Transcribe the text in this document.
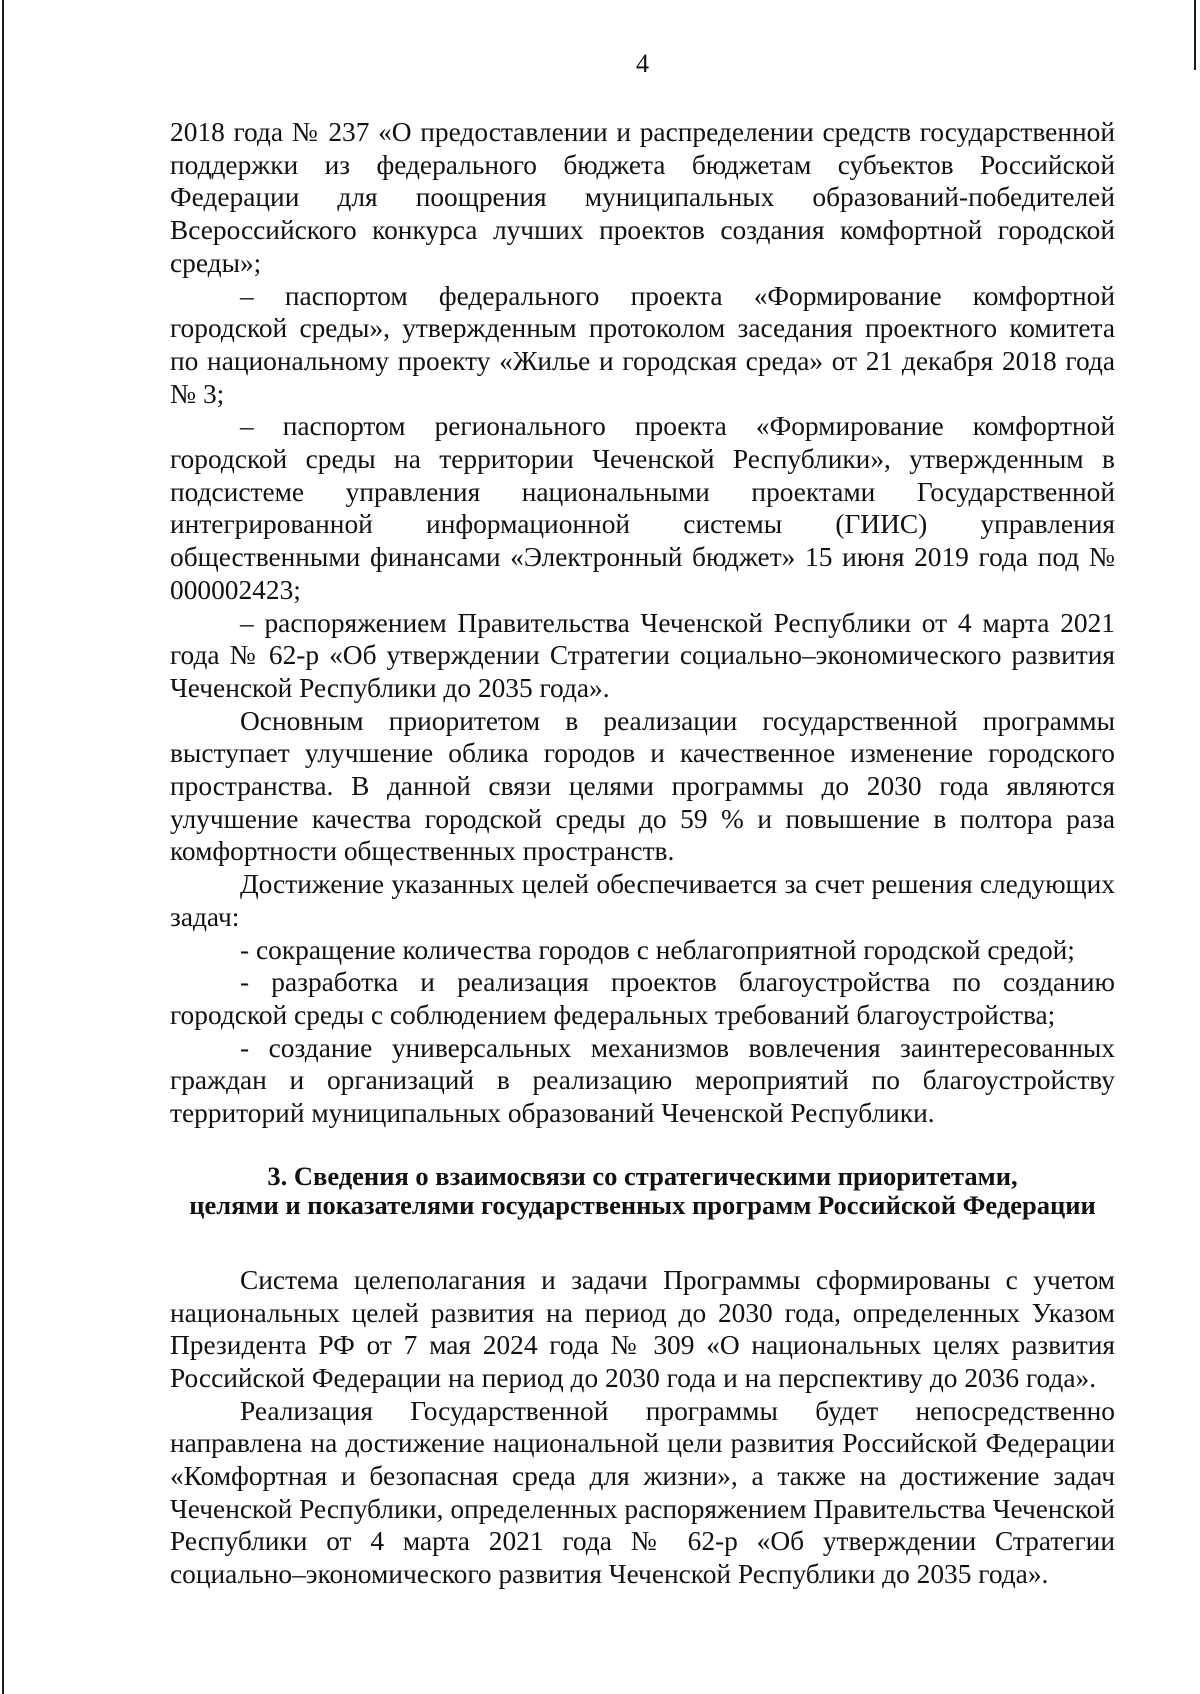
4

2018 года № 237 «О предоставлении и распределении средств государственной поддержки из федерального бюджета бюджетам субъектов Российской Федерации для поощрения муниципальных образований-победителей Всероссийского конкурса лучших проектов создания комфортной городской среды»;

– паспортом федерального проекта «Формирование комфортной городской среды», утвержденным протоколом заседания проектного комитета по национальному проекту «Жилье и городская среда» от 21 декабря 2018 года № 3;

– паспортом регионального проекта «Формирование комфортной городской среды на территории Чеченской Республики», утвержденным в подсистеме управления национальными проектами Государственной интегрированной информационной системы (ГИИС) управления общественными финансами «Электронный бюджет» 15 июня 2019 года под № 000002423;

– распоряжением Правительства Чеченской Республики от 4 марта 2021 года № 62-р «Об утверждении Стратегии социально–экономического развития Чеченской Республики до 2035 года».

Основным приоритетом в реализации государственной программы выступает улучшение облика городов и качественное изменение городского пространства. В данной связи целями программы до 2030 года являются улучшение качества городской среды до 59 % и повышение в полтора раза комфортности общественных пространств.

Достижение указанных целей обеспечивается за счет решения следующих задач:

- сокращение количества городов с неблагоприятной городской средой;

- разработка и реализация проектов благоустройства по созданию городской среды с соблюдением федеральных требований благоустройства;

- создание универсальных механизмов вовлечения заинтересованных граждан и организаций в реализацию мероприятий по благоустройству территорий муниципальных образований Чеченской Республики.

3. Сведения о взаимосвязи со стратегическими приоритетами,
целями и показателями государственных программ Российской Федерации

Система целеполагания и задачи Программы сформированы с учетом национальных целей развития на период до 2030 года, определенных Указом Президента РФ от 7 мая 2024 года № 309 «О национальных целях развития Российской Федерации на период до 2030 года и на перспективу до 2036 года».

Реализация Государственной программы будет непосредственно направлена на достижение национальной цели развития Российской Федерации «Комфортная и безопасная среда для жизни», а также на достижение задач Чеченской Республики, определенных распоряжением Правительства Чеченской Республики от 4 марта 2021 года № 62-р «Об утверждении Стратегии социально–экономического развития Чеченской Республики до 2035 года».
